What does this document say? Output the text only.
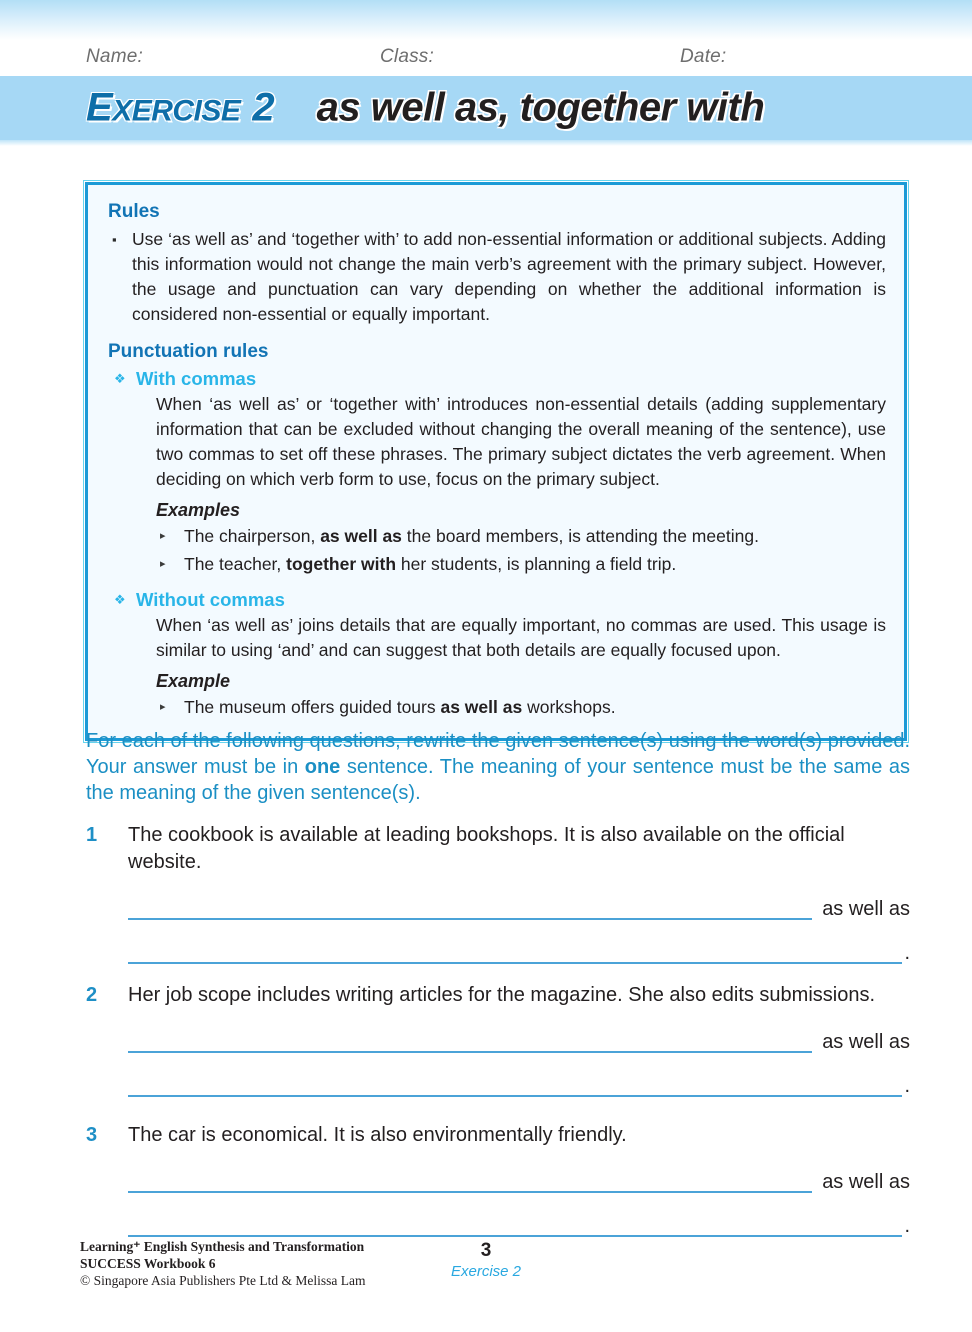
Name:	Class:	Date:
EXERCISE 2 as well as, together with
Rules
▪
Use ‘as well as’ and ‘together with’ to add non-essential information or additional subjects. Adding this information would not change the main verb’s agreement with the primary subject. However, the usage and punctuation can vary depending on whether the additional information is considered non-essential or equally important.
Punctuation rules
❖
With commas
When ‘as well as’ or ‘together with’ introduces non-essential details (adding supplementary information that can be excluded without changing the overall meaning of the sentence), use two commas to set off these phrases. The primary subject dictates the verb agreement. When deciding on which verb form to use, focus on the primary subject.
Examples
▸
The chairperson, as well as the board members, is attending the meeting.
▸
The teacher, together with her students, is planning a field trip.
❖
Without commas
When ‘as well as’ joins details that are equally important, no commas are used. This usage is similar to using ‘and’ and can suggest that both details are equally focused upon.
Example
▸
The museum offers guided tours as well as workshops.
For each of the following questions, rewrite the given sentence(s) using the word(s) provided. Your answer must be in one sentence. The meaning of your sentence must be the same as the meaning of the given sentence(s).
1	The cookbook is available at leading bookshops. It is also available on the official website.
as well as
.
2	Her job scope includes writing articles for the magazine. She also edits submissions.
as well as
.
3	The car is economical. It is also environmentally friendly.
as well as
.
Learning⁺ English Synthesis and Transformation
SUCCESS Workbook 6
© Singapore Asia Publishers Pte Ltd & Melissa Lam
3
Exercise 2
